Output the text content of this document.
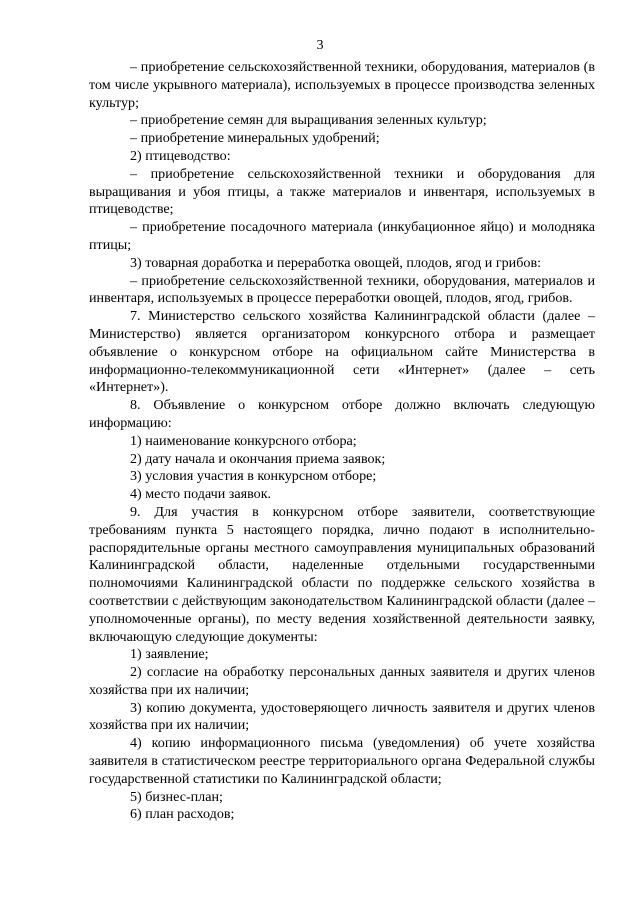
3

– приобретение сельскохозяйственной техники, оборудования, материалов (в том числе укрывного материала), используемых в процессе производства зеленных культур;

– приобретение семян для выращивания зеленных культур;

– приобретение минеральных удобрений;

2) птицеводство:

– приобретение сельскохозяйственной техники и оборудования для выращивания и убоя птицы, а также материалов и инвентаря, используемых в птицеводстве;

– приобретение посадочного материала (инкубационное яйцо) и молодняка птицы;

3) товарная доработка и переработка овощей, плодов, ягод и грибов:

– приобретение сельскохозяйственной техники, оборудования, материалов и инвентаря, используемых в процессе переработки овощей, плодов, ягод, грибов.

7. Министерство сельского хозяйства Калининградской области (далее – Министерство) является организатором конкурсного отбора и размещает объявление о конкурсном отборе на официальном сайте Министерства в информационно-телекоммуникационной сети «Интернет» (далее – сеть «Интернет»).

8. Объявление о конкурсном отборе должно включать следующую информацию:

1) наименование конкурсного отбора;

2) дату начала и окончания приема заявок;

3) условия участия в конкурсном отборе;

4) место подачи заявок.

9. Для участия в конкурсном отборе заявители, соответствующие требованиям пункта 5 настоящего порядка, лично подают в исполнительно-распорядительные органы местного самоуправления муниципальных образований Калининградской области, наделенные отдельными государственными полномочиями Калининградской области по поддержке сельского хозяйства в соответствии с действующим законодательством Калининградской области (далее – уполномоченные органы), по месту ведения хозяйственной деятельности заявку, включающую следующие документы:

1) заявление;

2) согласие на обработку персональных данных заявителя и других членов хозяйства при их наличии;

3) копию документа, удостоверяющего личность заявителя и других членов хозяйства при их наличии;

4) копию информационного письма (уведомления) об учете хозяйства заявителя в статистическом реестре территориального органа Федеральной службы государственной статистики по Калининградской области;

5) бизнес-план;

6) план расходов;
